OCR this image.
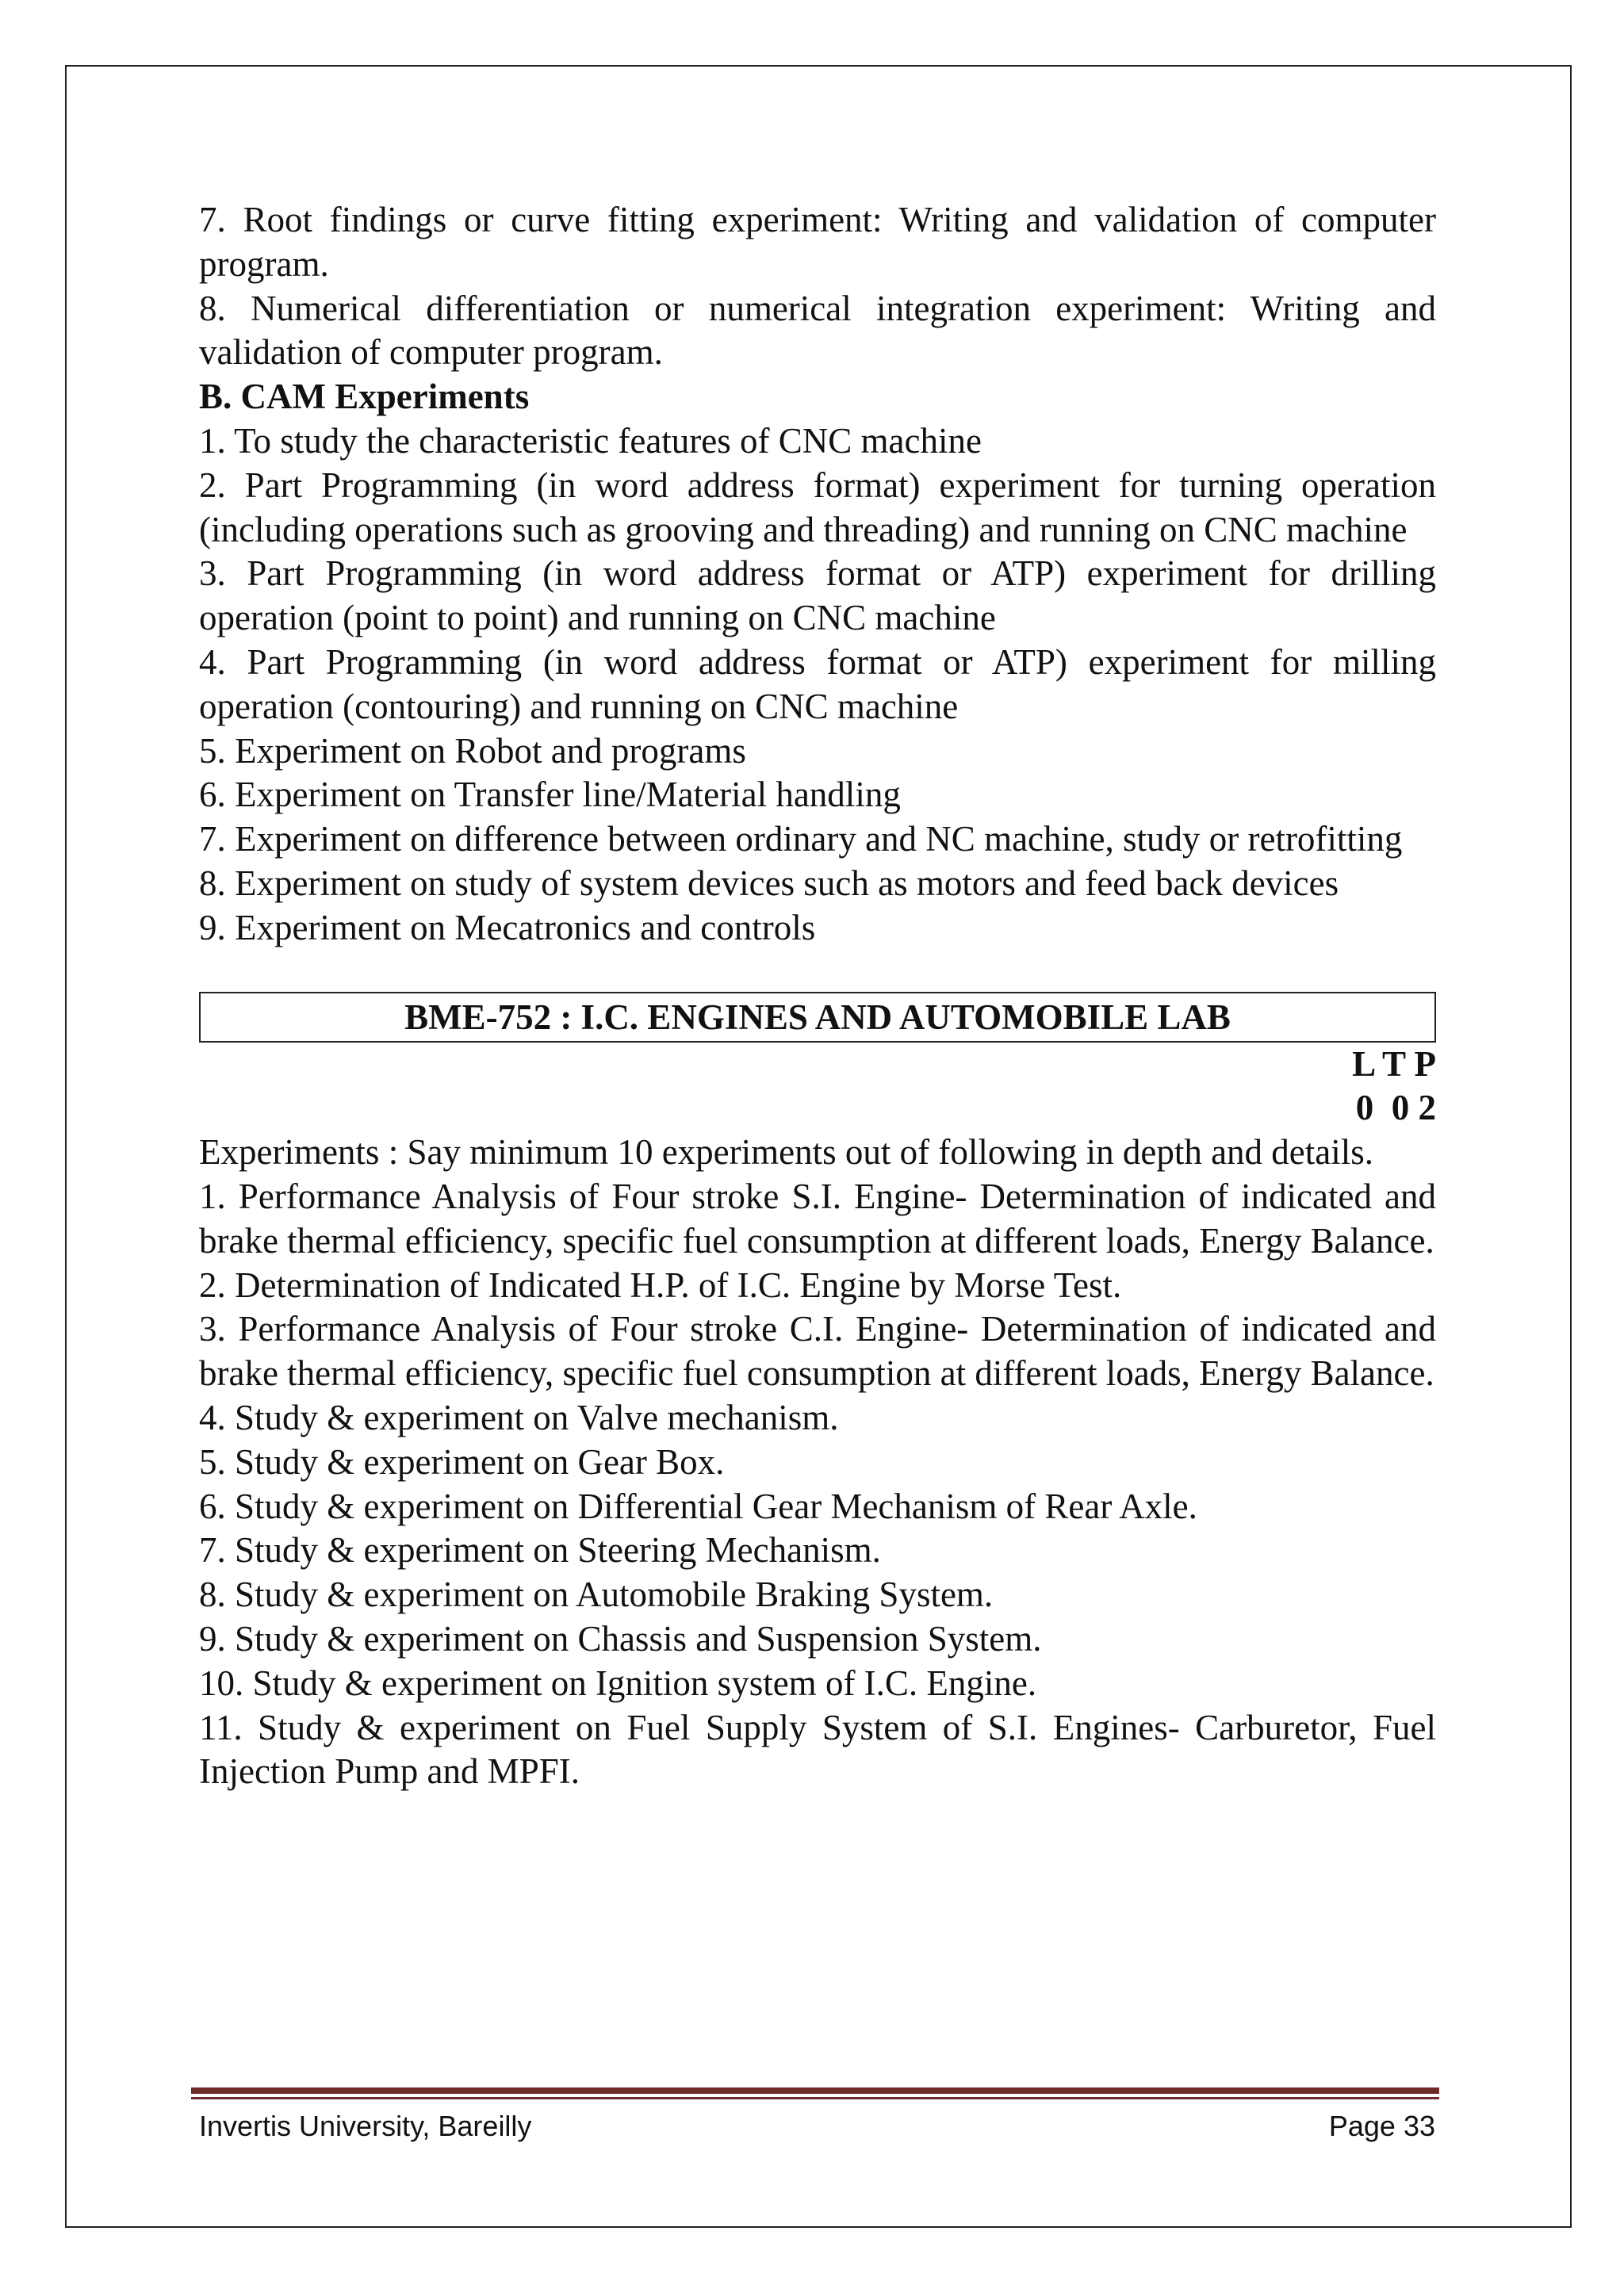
7. Root findings or curve fitting experiment: Writing and validation of computer program.

8. Numerical differentiation or numerical integration experiment: Writing and validation of computer program.

B. CAM Experiments

1. To study the characteristic features of CNC machine

2. Part Programming (in word address format) experiment for turning operation (including operations such as grooving and threading) and running on CNC machine

3. Part Programming (in word address format or ATP) experiment for drilling operation (point to point) and running on CNC machine

4. Part Programming (in word address format or ATP) experiment for milling operation (contouring) and running on CNC machine

5. Experiment on Robot and programs

6. Experiment on Transfer line/Material handling

7. Experiment on difference between ordinary and NC machine, study or retrofitting

8. Experiment on study of system devices such as motors and feed back devices

9. Experiment on Mecatronics and controls

BME-752 : I.C. ENGINES AND AUTOMOBILE LAB

L T P

0  0 2

Experiments : Say minimum 10 experiments out of following in depth and details.

1. Performance Analysis of Four stroke S.I. Engine- Determination of indicated and brake thermal efficiency, specific fuel consumption at different loads, Energy Balance.

2. Determination of Indicated H.P. of I.C. Engine by Morse Test.

3. Performance Analysis of Four stroke C.I. Engine- Determination of indicated and brake thermal efficiency, specific fuel consumption at different loads, Energy Balance.

4. Study & experiment on Valve mechanism.

5. Study & experiment on Gear Box.

6. Study & experiment on Differential Gear Mechanism of Rear Axle.

7. Study & experiment on Steering Mechanism.

8. Study & experiment on Automobile Braking System.

9. Study & experiment on Chassis and Suspension System.

10. Study & experiment on Ignition system of I.C. Engine.

11. Study & experiment on Fuel Supply System of S.I. Engines- Carburetor, Fuel Injection Pump and MPFI.

Invertis University, Bareilly	Page 33
